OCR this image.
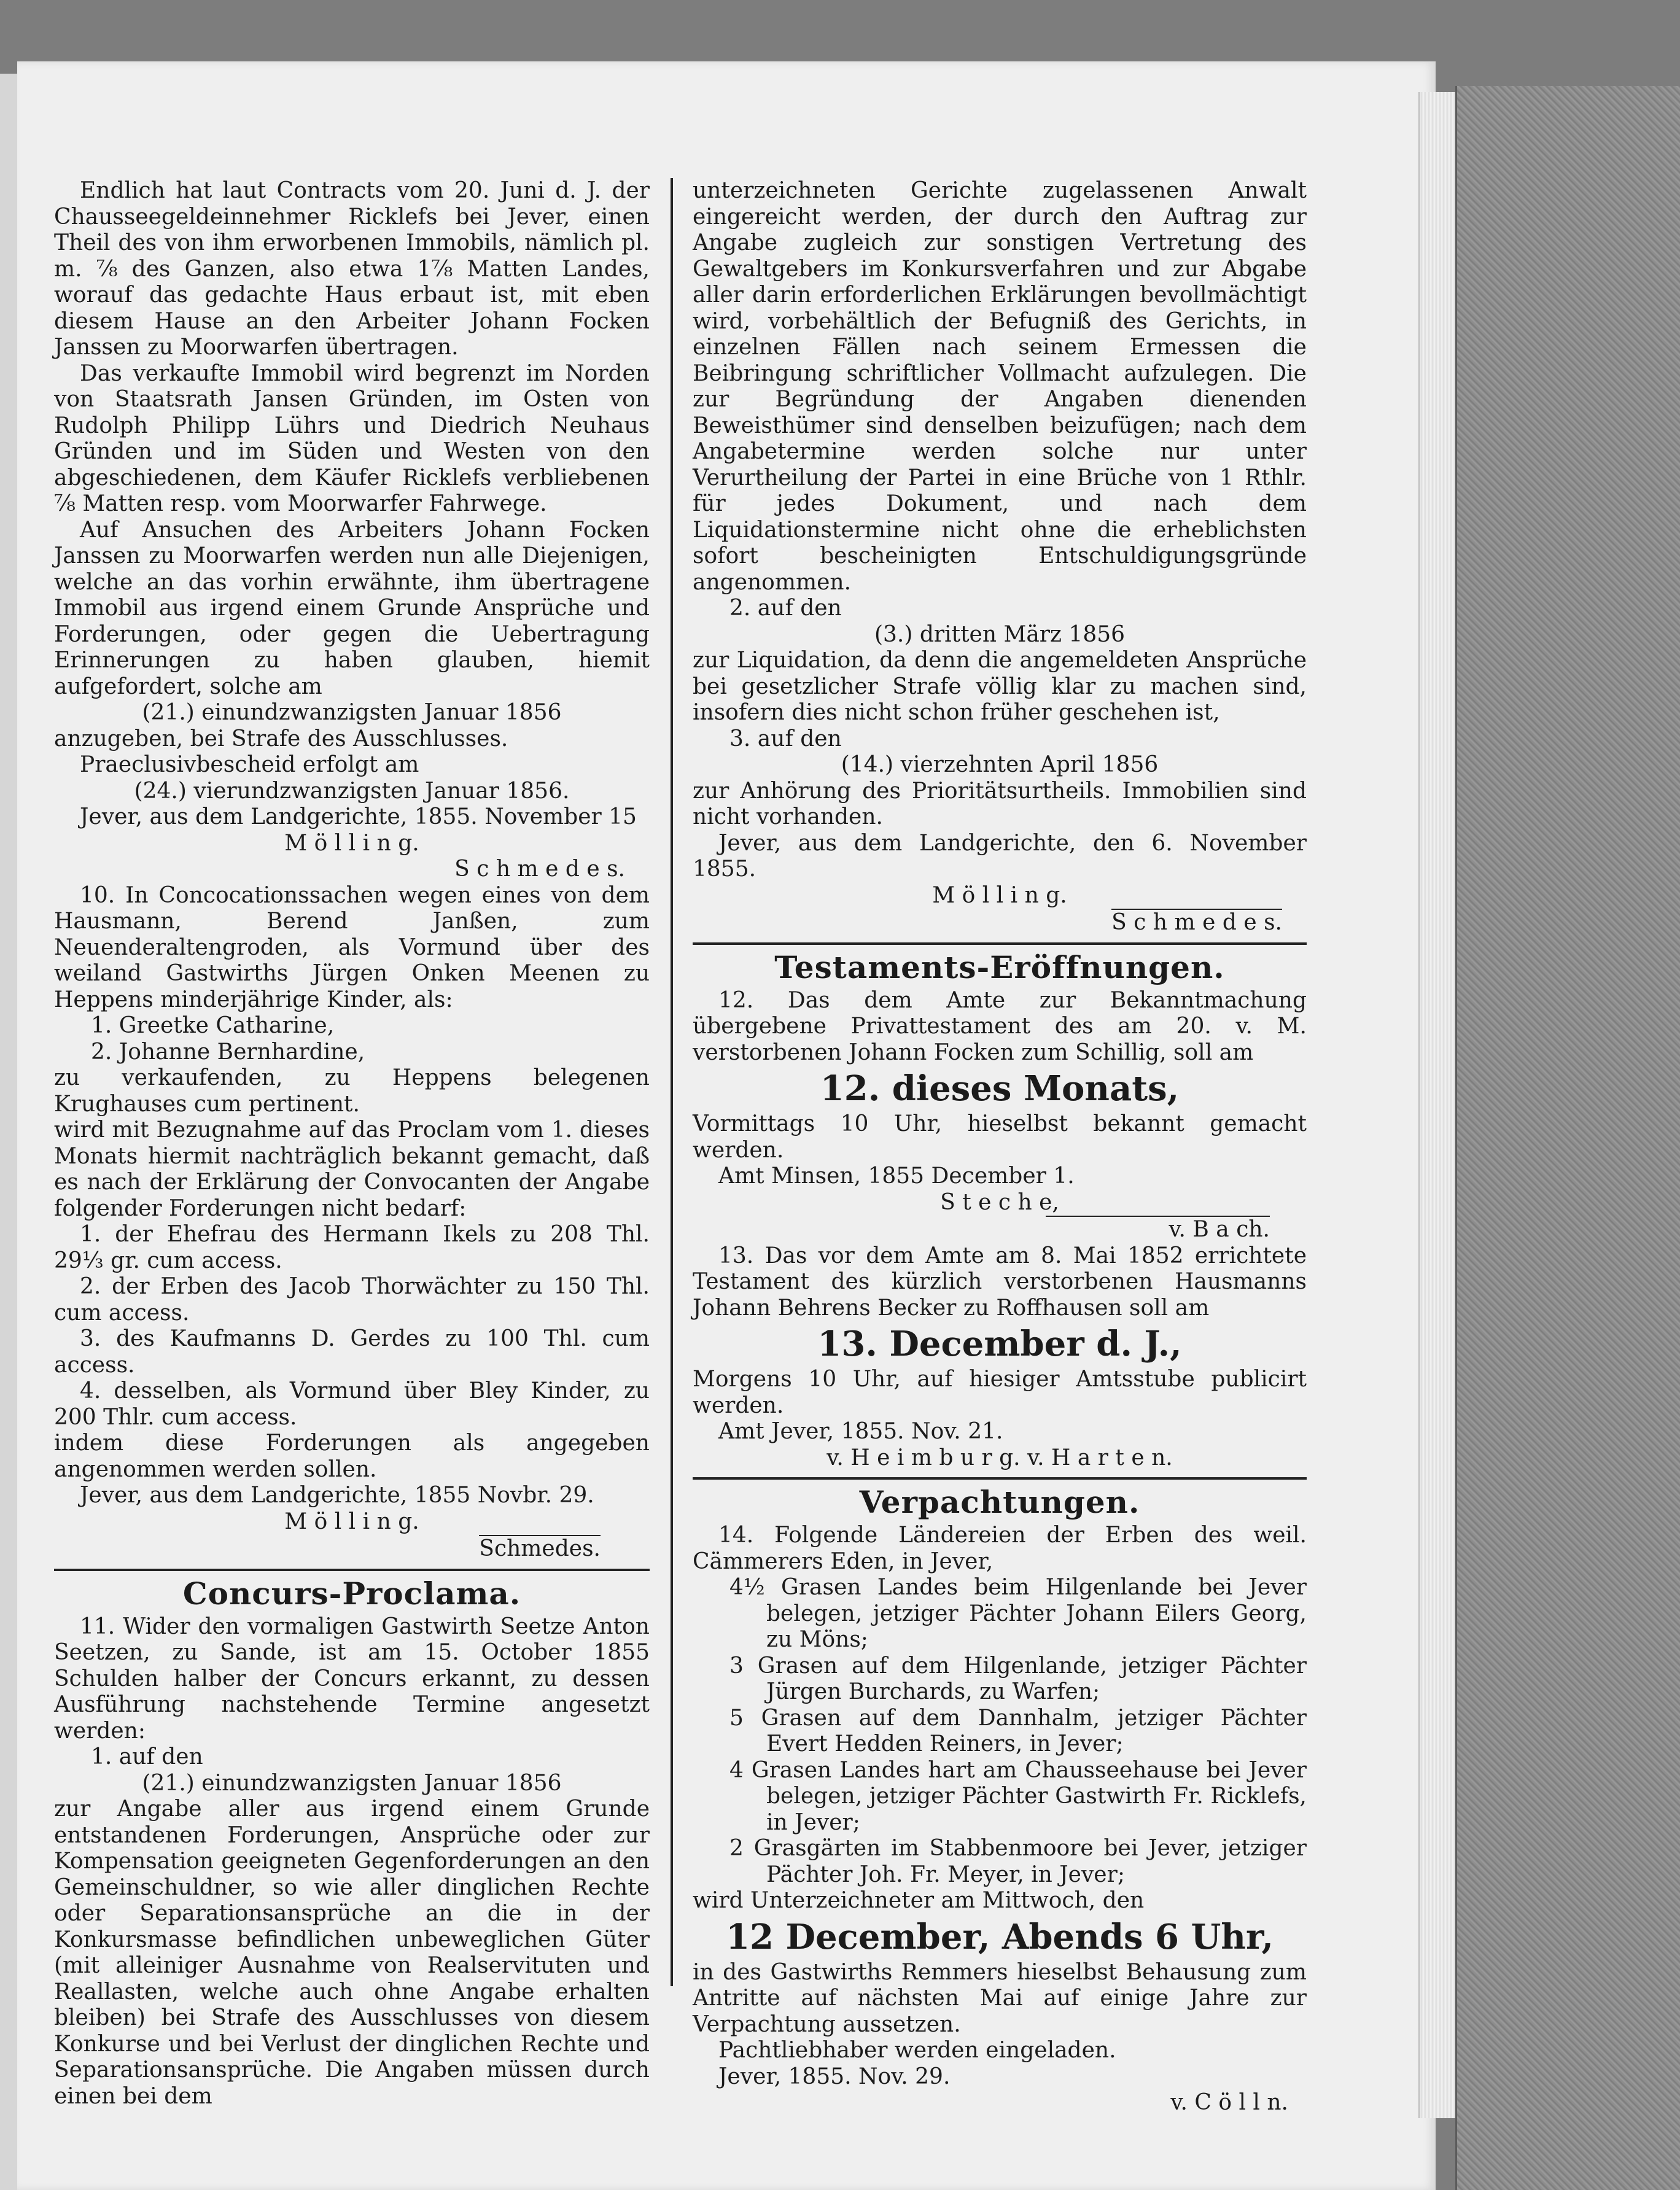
Endlich hat laut Contracts vom 20. Juni d. J. der Chausseegeldeinnehmer Ricklefs bei Jever, einen Theil des von ihm erworbenen Immobils, nämlich pl. m. ⅞ des Ganzen, also etwa 1⅞ Matten Landes, worauf das gedachte Haus erbaut ist, mit eben diesem Hause an den Arbeiter Johann Focken Janssen zu Moorwarfen übertragen.

Das verkaufte Immobil wird begrenzt im Norden von Staatsrath Jansen Gründen, im Osten von Rudolph Philipp Lührs und Diedrich Neuhaus Gründen und im Süden und Westen von den abgeschiedenen, dem Käufer Ricklefs verbliebenen ⅞ Matten resp. vom Moorwarfer Fahrwege.

Auf Ansuchen des Arbeiters Johann Focken Janssen zu Moorwarfen werden nun alle Diejenigen, welche an das vorhin erwähnte, ihm übertragene Immobil aus irgend einem Grunde Ansprüche und Forderungen, oder gegen die Uebertragung Erinnerungen zu haben glauben, hiemit aufgefordert, solche am

(21.) einundzwanzigsten Januar 1856

anzugeben, bei Strafe des Ausschlusses.

Praeclusivbescheid erfolgt am

(24.) vierundzwanzigsten Januar 1856.

Jever, aus dem Landgerichte, 1855. November 15

M ö l l i n g.

S c h m e d e s.

10. In Concocationssachen wegen eines von dem Hausmann, Berend Janßen, zum Neuenderaltengroden, als Vormund über des weiland Gastwirths Jürgen Onken Meenen zu Heppens minderjährige Kinder, als:

1. Greetke Catharine,

2. Johanne Bernhardine,

zu verkaufenden, zu Heppens belegenen Krughauses cum pertinent.

wird mit Bezugnahme auf das Proclam vom 1. dieses Monats hiermit nachträglich bekannt gemacht, daß es nach der Erklärung der Convocanten der Angabe folgender Forderungen nicht bedarf:

1. der Ehefrau des Hermann Ikels zu 208 Thl. 29⅓ gr. cum access.

2. der Erben des Jacob Thorwächter zu 150 Thl. cum access.

3. des Kaufmanns D. Gerdes zu 100 Thl. cum access.

4. desselben, als Vormund über Bley Kinder, zu 200 Thlr. cum access.

indem diese Forderungen als angegeben angenommen werden sollen.

Jever, aus dem Landgerichte, 1855 Novbr. 29.

M ö l l i n g.

Schmedes.

Concurs-Proclama.

11. Wider den vormaligen Gastwirth Seetze Anton Seetzen, zu Sande, ist am 15. October 1855 Schulden halber der Concurs erkannt, zu dessen Ausführung nachstehende Termine angesetzt werden:

1. auf den

(21.) einundzwanzigsten Januar 1856

zur Angabe aller aus irgend einem Grunde entstandenen Forderungen, Ansprüche oder zur Kompensation geeigneten Gegenforderungen an den Gemeinschuldner, so wie aller dinglichen Rechte oder Separationsansprüche an die in der Konkursmasse befindlichen unbeweglichen Güter (mit alleiniger Ausnahme von Realservituten und Reallasten, welche auch ohne Angabe erhalten bleiben) bei Strafe des Ausschlusses von diesem Konkurse und bei Verlust der dinglichen Rechte und Separationsansprüche. Die Angaben müssen durch einen bei dem

unterzeichneten Gerichte zugelassenen Anwalt eingereicht werden, der durch den Auftrag zur Angabe zugleich zur sonstigen Vertretung des Gewaltgebers im Konkursverfahren und zur Abgabe aller darin erforderlichen Erklärungen bevollmächtigt wird, vorbehältlich der Befugniß des Gerichts, in einzelnen Fällen nach seinem Ermessen die Beibringung schriftlicher Vollmacht aufzulegen. Die zur Begründung der Angaben dienenden Beweisthümer sind denselben beizufügen; nach dem Angabetermine werden solche nur unter Verurtheilung der Partei in eine Brüche von 1 Rthlr. für jedes Dokument, und nach dem Liquidationstermine nicht ohne die erheblichsten sofort bescheinigten Entschuldigungsgründe angenommen.

2. auf den

(3.) dritten März 1856

zur Liquidation, da denn die angemeldeten Ansprüche bei gesetzlicher Strafe völlig klar zu machen sind, insofern dies nicht schon früher geschehen ist,

3. auf den

(14.) vierzehnten April 1856

zur Anhörung des Prioritätsurtheils. Immobilien sind nicht vorhanden.

Jever, aus dem Landgerichte, den 6. November 1855.

M ö l l i n g.

S c h m e d e s.

Testaments-Eröffnungen.

12. Das dem Amte zur Bekanntmachung übergebene Privattestament des am 20. v. M. verstorbenen Johann Focken zum Schillig, soll am

12. dieses Monats,

Vormittags 10 Uhr, hieselbst bekannt gemacht werden.

Amt Minsen, 1855 December 1.

S t e c h e,

v. B a ch.

13. Das vor dem Amte am 8. Mai 1852 errichtete Testament des kürzlich verstorbenen Hausmanns Johann Behrens Becker zu Roffhausen soll am

13. December d. J.,

Morgens 10 Uhr, auf hiesiger Amtsstube publicirt werden.

Amt Jever, 1855. Nov. 21.

v. H e i m b u r g. v. H a r t e n.

Verpachtungen.

14. Folgende Ländereien der Erben des weil. Cämmerers Eden, in Jever,

4½ Grasen Landes beim Hilgenlande bei Jever belegen, jetziger Pächter Johann Eilers Georg, zu Möns;

3 Grasen auf dem Hilgenlande, jetziger Pächter Jürgen Burchards, zu Warfen;

5 Grasen auf dem Dannhalm, jetziger Pächter Evert Hedden Reiners, in Jever;

4 Grasen Landes hart am Chausseehause bei Jever belegen, jetziger Pächter Gastwirth Fr. Ricklefs, in Jever;

2 Grasgärten im Stabbenmoore bei Jever, jetziger Pächter Joh. Fr. Meyer, in Jever;

wird Unterzeichneter am Mittwoch, den

12 December, Abends 6 Uhr,

in des Gastwirths Remmers hieselbst Behausung zum Antritte auf nächsten Mai auf einige Jahre zur Verpachtung aussetzen.

Pachtliebhaber werden eingeladen.

Jever, 1855. Nov. 29.

v. C ö l l n.
